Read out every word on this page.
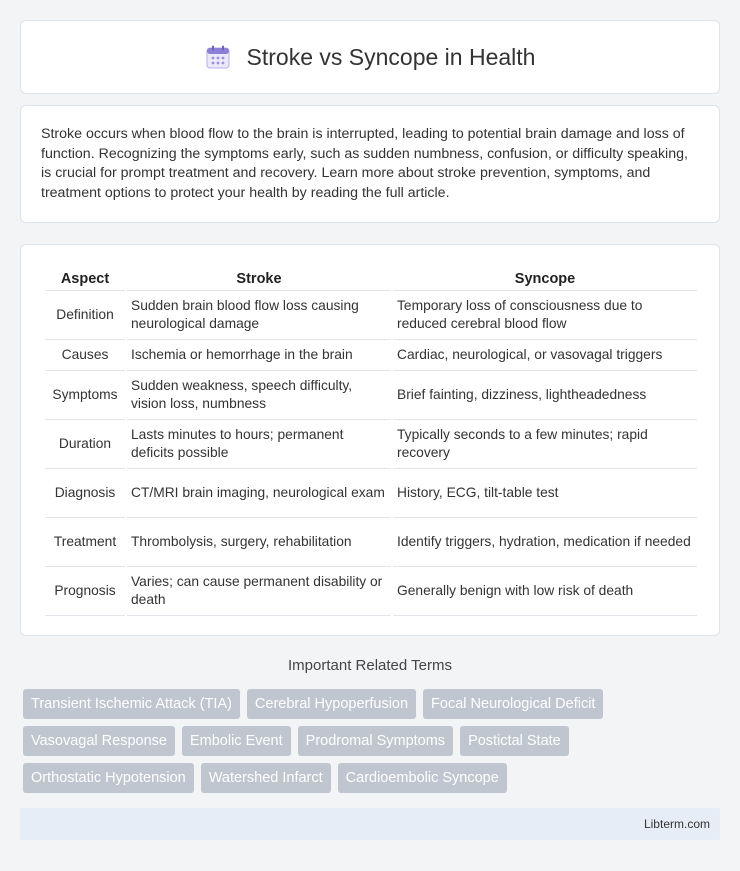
Stroke vs Syncope in Health

Stroke occurs when blood flow to the brain is interrupted, leading to potential brain damage and loss of function. Recognizing the symptoms early, such as sudden numbness, confusion, or difficulty speaking, is crucial for prompt treatment and recovery. Learn more about stroke prevention, symptoms, and treatment options to protect your health by reading the full article.

Aspect	Stroke	Syncope
Definition	Sudden brain blood flow loss causing neurological damage	Temporary loss of consciousness due to reduced cerebral blood flow
Causes	Ischemia or hemorrhage in the brain	Cardiac, neurological, or vasovagal triggers
Symptoms	Sudden weakness, speech difficulty, vision loss, numbness	Brief fainting, dizziness, lightheadedness
Duration	Lasts minutes to hours; permanent deficits possible	Typically seconds to a few minutes; rapid recovery
Diagnosis	CT/MRI brain imaging, neurological exam	History, ECG, tilt-table test
Treatment	Thrombolysis, surgery, rehabilitation	Identify triggers, hydration, medication if needed
Prognosis	Varies; can cause permanent disability or death	Generally benign with low risk of death
Important Related Terms
Transient Ischemic Attack (TIA)	Cerebral Hypoperfusion	Focal Neurological Deficit
Vasovagal Response	Embolic Event	Prodromal Symptoms	Postictal State
Orthostatic Hypotension	Watershed Infarct	Cardioembolic Syncope
Libterm.com
